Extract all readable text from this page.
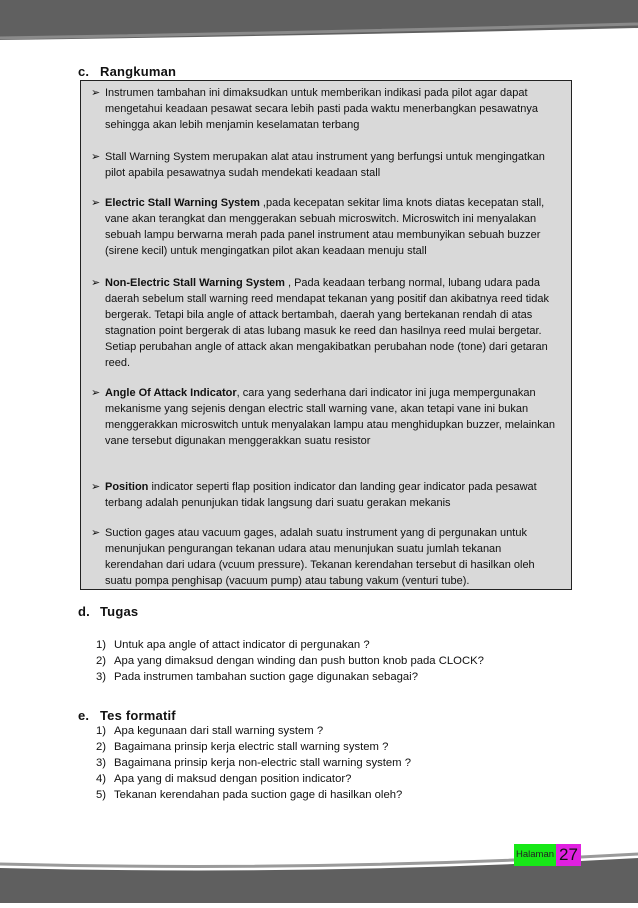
c. Rangkuman
➢ Instrumen tambahan ini dimaksudkan untuk memberikan indikasi pada pilot agar dapat mengetahui keadaan pesawat secara lebih pasti pada waktu menerbangkan pesawatnya sehingga akan lebih menjamin keselamatan terbang
➢ Stall Warning System merupakan alat atau instrument yang berfungsi untuk mengingatkan pilot apabila pesawatnya sudah mendekati keadaan stall
➢ Electric Stall Warning System ,pada kecepatan sekitar lima knots diatas kecepatan stall, vane akan terangkat dan menggerakan sebuah microswitch. Microswitch ini menyalakan sebuah lampu berwarna merah pada panel instrument atau membunyikan sebuah buzzer (sirene kecil) untuk mengingatkan pilot akan keadaan menuju stall
➢ Non-Electric Stall Warning System , Pada keadaan terbang normal, lubang udara pada daerah sebelum stall warning reed mendapat tekanan yang positif dan akibatnya reed tidak bergerak. Tetapi bila angle of attack bertambah, daerah yang bertekanan rendah di atas stagnation point bergerak di atas lubang masuk ke reed dan hasilnya reed mulai bergetar. Setiap perubahan angle of attack akan mengakibatkan perubahan node (tone) dari getaran reed.
➢ Angle Of Attack Indicator, cara yang sederhana dari indicator ini juga mempergunakan mekanisme yang sejenis dengan electric stall warning vane, akan tetapi vane ini bukan menggerakkan microswitch untuk menyalakan lampu atau menghidupkan buzzer, melainkan vane tersebut digunakan menggerakkan suatu resistor
➢ Position indicator seperti flap position indicator dan landing gear indicator pada pesawat terbang adalah penunjukan tidak langsung dari suatu gerakan mekanis
➢ Suction gages atau vacuum gages, adalah suatu instrument yang di pergunakan untuk menunjukan pengurangan tekanan udara atau menunjukan suatu jumlah tekanan kerendahan dari udara (vcuum pressure). Tekanan kerendahan tersebut di hasilkan oleh suatu pompa penghisap (vacuum pump) atau tabung vakum (venturi tube).
d. Tugas
1) Untuk apa angle of attact indicator di pergunakan ?
2) Apa yang dimaksud dengan winding dan push button knob pada CLOCK?
3) Pada instrumen tambahan suction gage digunakan sebagai?
e. Tes formatif
1) Apa kegunaan dari stall warning system ?
2) Bagaimana prinsip kerja electric stall warning system ?
3) Bagaimana prinsip kerja non-electric stall warning system ?
4) Apa yang di maksud dengan position indicator?
5) Tekanan kerendahan pada suction gage di hasilkan oleh?
Halaman 27
